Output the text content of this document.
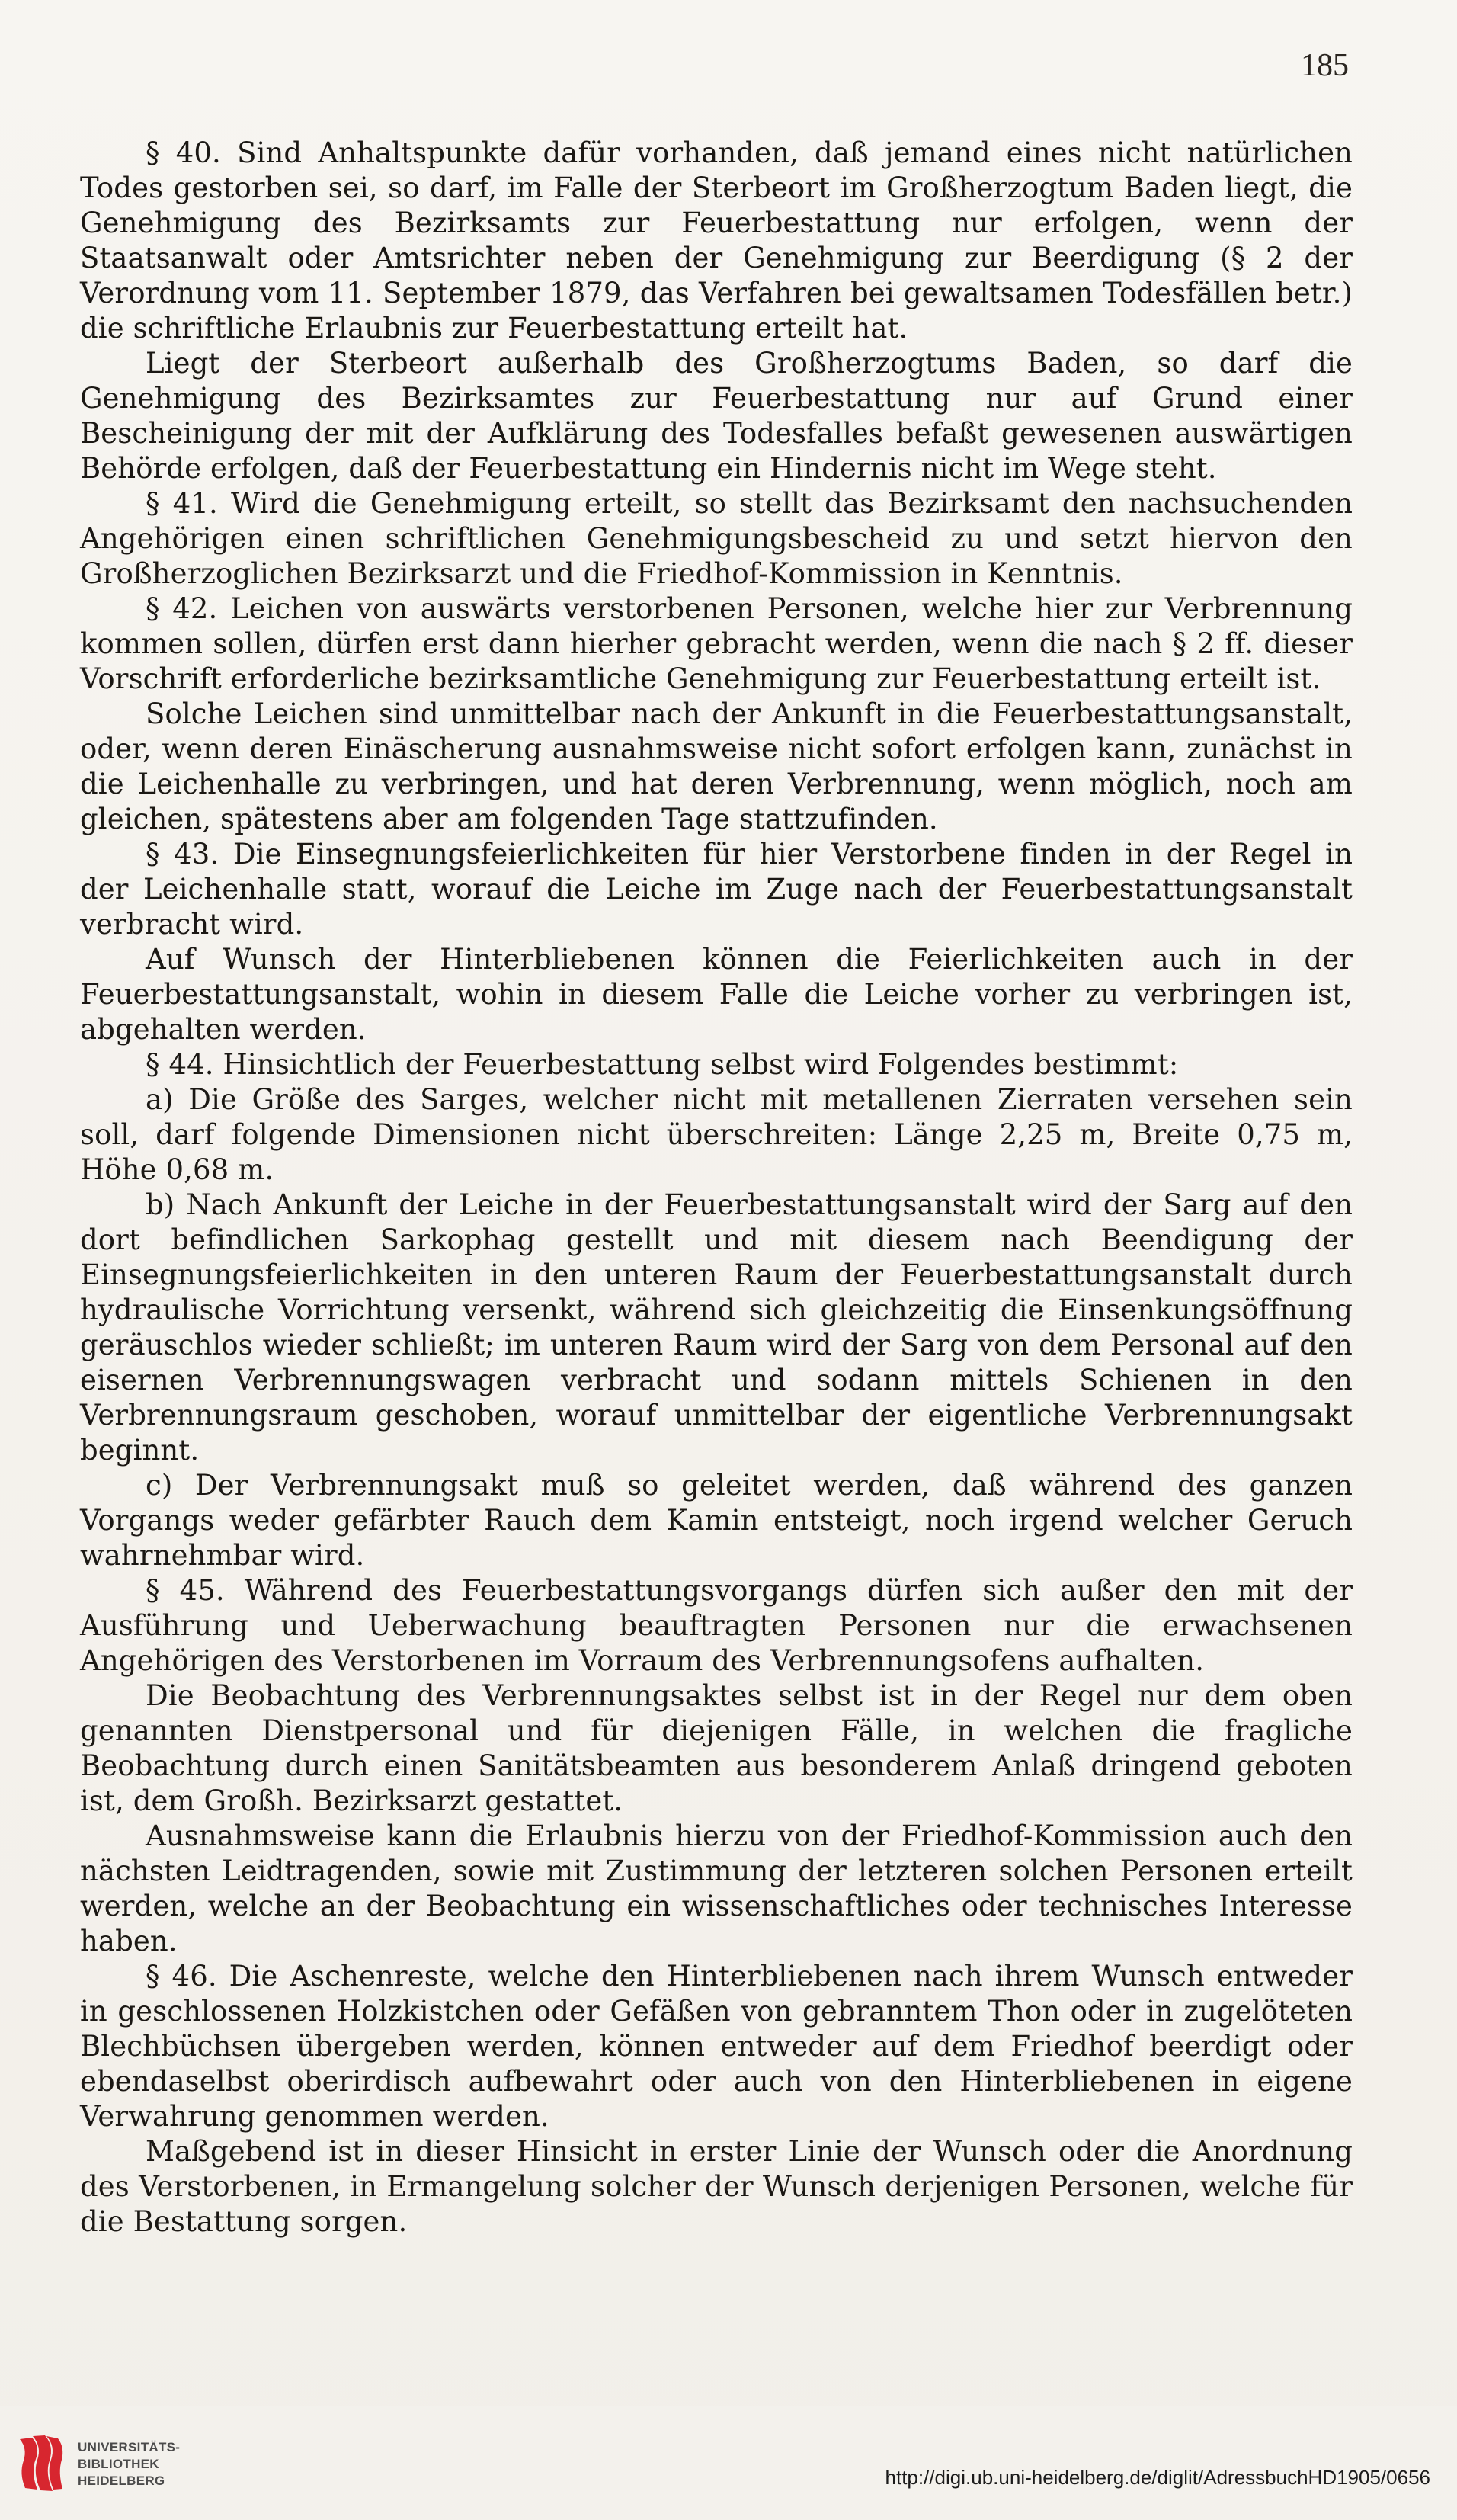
185

§ 40. Sind Anhaltspunkte dafür vorhanden, daß jemand eines nicht natürlichen Todes gestorben sei, so darf, im Falle der Sterbeort im Großherzogtum Baden liegt, die Genehmigung des Bezirksamts zur Feuerbestattung nur erfolgen, wenn der Staatsanwalt oder Amtsrichter neben der Genehmigung zur Beerdigung (§ 2 der Verordnung vom 11. September 1879, das Verfahren bei gewaltsamen Todesfällen betr.) die schriftliche Erlaubnis zur Feuerbestattung erteilt hat.

Liegt der Sterbeort außerhalb des Großherzogtums Baden, so darf die Genehmigung des Bezirksamtes zur Feuerbestattung nur auf Grund einer Bescheinigung der mit der Aufklärung des Todesfalles befaßt gewesenen auswärtigen Behörde erfolgen, daß der Feuerbestattung ein Hindernis nicht im Wege steht.

§ 41. Wird die Genehmigung erteilt, so stellt das Bezirksamt den nachsuchenden Angehörigen einen schriftlichen Genehmigungsbescheid zu und setzt hiervon den Großherzoglichen Bezirksarzt und die Friedhof-Kommission in Kenntnis.

§ 42. Leichen von auswärts verstorbenen Personen, welche hier zur Verbrennung kommen sollen, dürfen erst dann hierher gebracht werden, wenn die nach § 2 ff. dieser Vorschrift erforderliche bezirksamtliche Genehmigung zur Feuerbestattung erteilt ist.

Solche Leichen sind unmittelbar nach der Ankunft in die Feuerbestattungsanstalt, oder, wenn deren Einäscherung ausnahmsweise nicht sofort erfolgen kann, zunächst in die Leichenhalle zu verbringen, und hat deren Verbrennung, wenn möglich, noch am gleichen, spätestens aber am folgenden Tage stattzufinden.

§ 43. Die Einsegnungsfeierlichkeiten für hier Verstorbene finden in der Regel in der Leichenhalle statt, worauf die Leiche im Zuge nach der Feuerbestattungsanstalt verbracht wird.

Auf Wunsch der Hinterbliebenen können die Feierlichkeiten auch in der Feuerbestattungsanstalt, wohin in diesem Falle die Leiche vorher zu verbringen ist, abgehalten werden.

§ 44. Hinsichtlich der Feuerbestattung selbst wird Folgendes bestimmt:

a) Die Größe des Sarges, welcher nicht mit metallenen Zierraten versehen sein soll, darf folgende Dimensionen nicht überschreiten: Länge 2,25 m, Breite 0,75 m, Höhe 0,68 m.

b) Nach Ankunft der Leiche in der Feuerbestattungsanstalt wird der Sarg auf den dort befindlichen Sarkophag gestellt und mit diesem nach Beendigung der Einsegnungsfeierlichkeiten in den unteren Raum der Feuerbestattungsanstalt durch hydraulische Vorrichtung versenkt, während sich gleichzeitig die Einsenkungsöffnung geräuschlos wieder schließt; im unteren Raum wird der Sarg von dem Personal auf den eisernen Verbrennungswagen verbracht und sodann mittels Schienen in den Verbrennungsraum geschoben, worauf unmittelbar der eigentliche Verbrennungsakt beginnt.

c) Der Verbrennungsakt muß so geleitet werden, daß während des ganzen Vorgangs weder gefärbter Rauch dem Kamin entsteigt, noch irgend welcher Geruch wahrnehmbar wird.

§ 45. Während des Feuerbestattungsvorgangs dürfen sich außer den mit der Ausführung und Ueberwachung beauftragten Personen nur die erwachsenen Angehörigen des Verstorbenen im Vorraum des Verbrennungsofens aufhalten.

Die Beobachtung des Verbrennungsaktes selbst ist in der Regel nur dem oben genannten Dienstpersonal und für diejenigen Fälle, in welchen die fragliche Beobachtung durch einen Sanitätsbeamten aus besonderem Anlaß dringend geboten ist, dem Großh. Bezirksarzt gestattet.

Ausnahmsweise kann die Erlaubnis hierzu von der Friedhof-Kommission auch den nächsten Leidtragenden, sowie mit Zustimmung der letzteren solchen Personen erteilt werden, welche an der Beobachtung ein wissenschaftliches oder technisches Interesse haben.

§ 46. Die Aschenreste, welche den Hinterbliebenen nach ihrem Wunsch entweder in geschlossenen Holzkistchen oder Gefäßen von gebranntem Thon oder in zugelöteten Blechbüchsen übergeben werden, können entweder auf dem Friedhof beerdigt oder ebendaselbst oberirdisch aufbewahrt oder auch von den Hinterbliebenen in eigene Verwahrung genommen werden.

Maßgebend ist in dieser Hinsicht in erster Linie der Wunsch oder die Anordnung des Verstorbenen, in Ermangelung solcher der Wunsch derjenigen Personen, welche für die Bestattung sorgen.

UNIVERSITÄTS-
BIBLIOTHEK
HEIDELBERG	http://digi.ub.uni-heidelberg.de/diglit/AdressbuchHD1905/0656
